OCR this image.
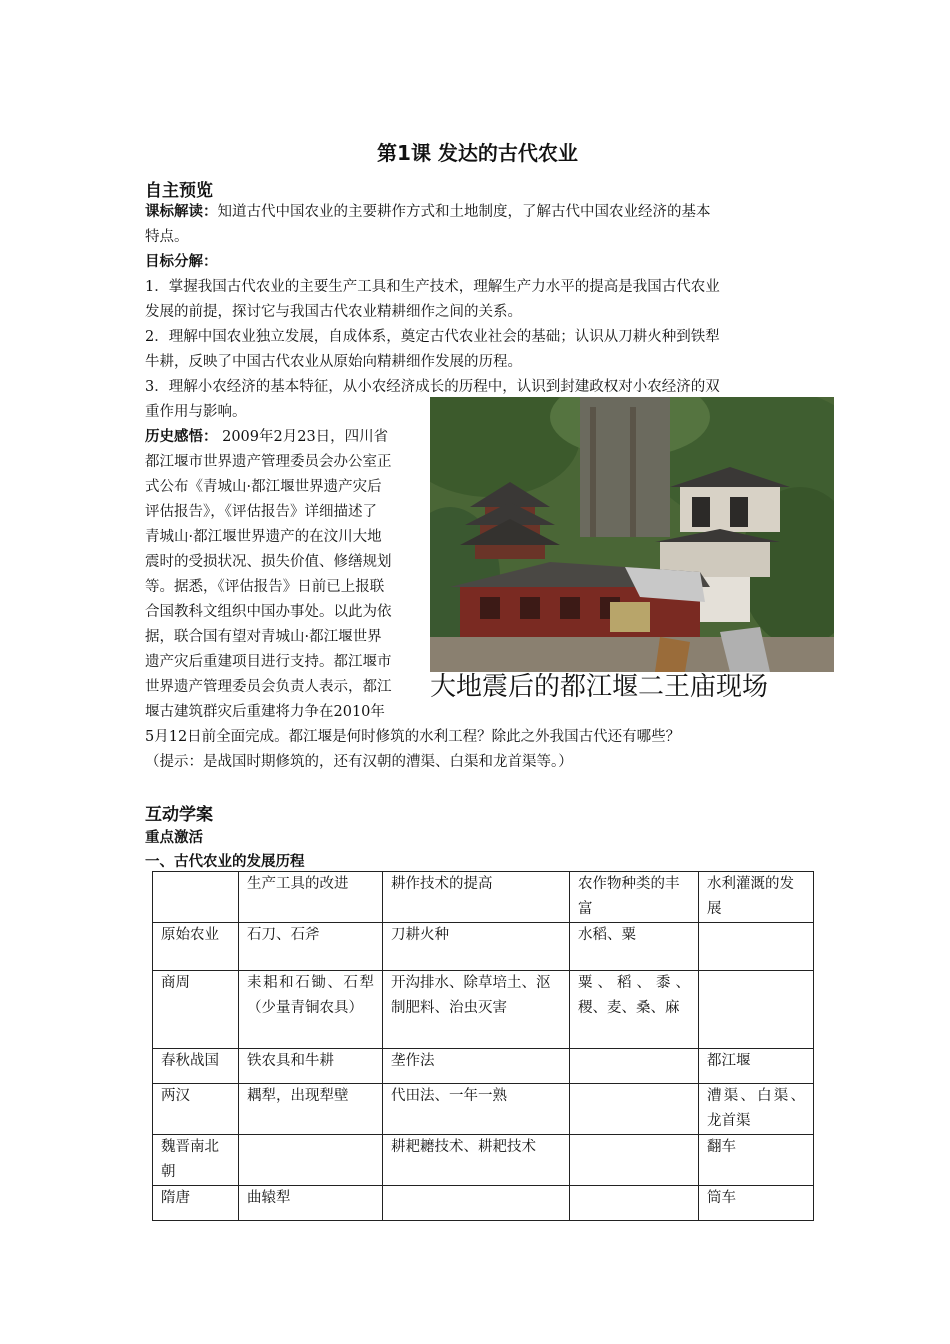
第1课 发达的古代农业
自主预览
课标解读：知道古代中国农业的主要耕作方式和土地制度，了解古代中国农业经济的基本
特点。
目标分解：
1．掌握我国古代农业的主要生产工具和生产技术，理解生产力水平的提高是我国古代农业
发展的前提，探讨它与我国古代农业精耕细作之间的关系。
2．理解中国农业独立发展，自成体系，奠定古代农业社会的基础；认识从刀耕火种到铁犁
牛耕，反映了中国古代农业从原始向精耕细作发展的历程。
3．理解小农经济的基本特征，从小农经济成长的历程中，认识到封建政权对小农经济的双
重作用与影响。
历史感悟： 2009年2月23日，四川省
都江堰市世界遗产管理委员会办公室正
式公布《青城山·都江堰世界遗产灾后
评估报告》，《评估报告》详细描述了
青城山·都江堰世界遗产的在汶川大地
震时的受损状况、损失价值、修缮规划
等。据悉，《评估报告》日前已上报联
合国教科文组织中国办事处。以此为依
据，联合国有望对青城山·都江堰世界
遗产灾后重建项目进行支持。都江堰市
世界遗产管理委员会负责人表示，都江
堰古建筑群灾后重建将力争在2010年
5月12日前全面完成。都江堰是何时修筑的水利工程？除此之外我国古代还有哪些？
（提示：是战国时期修筑的，还有汉朝的漕渠、白渠和龙首渠等。）
互动学案
重点激活
一、古代农业的发展历程
大地震后的都江堰二王庙现场
	生产工具的改进	耕作技术的提高	农作物种类的丰富	水利灌溉的发展
原始农业	石刀、石斧	刀耕火种	水稻、粟	
商周	耒耜和石锄、石犁（少量青铜农具）	开沟排水、除草培土、沤制肥料、治虫灭害	粟、稻、黍、稷、麦、桑、麻	
春秋战国	铁农具和牛耕	垄作法		都江堰
两汉	耦犁，出现犁壁	代田法、一年一熟		漕渠、白渠、龙首渠
魏晋南北朝		耕耙耱技术、耕耙技术		翻车
隋唐	曲辕犁			筒车
